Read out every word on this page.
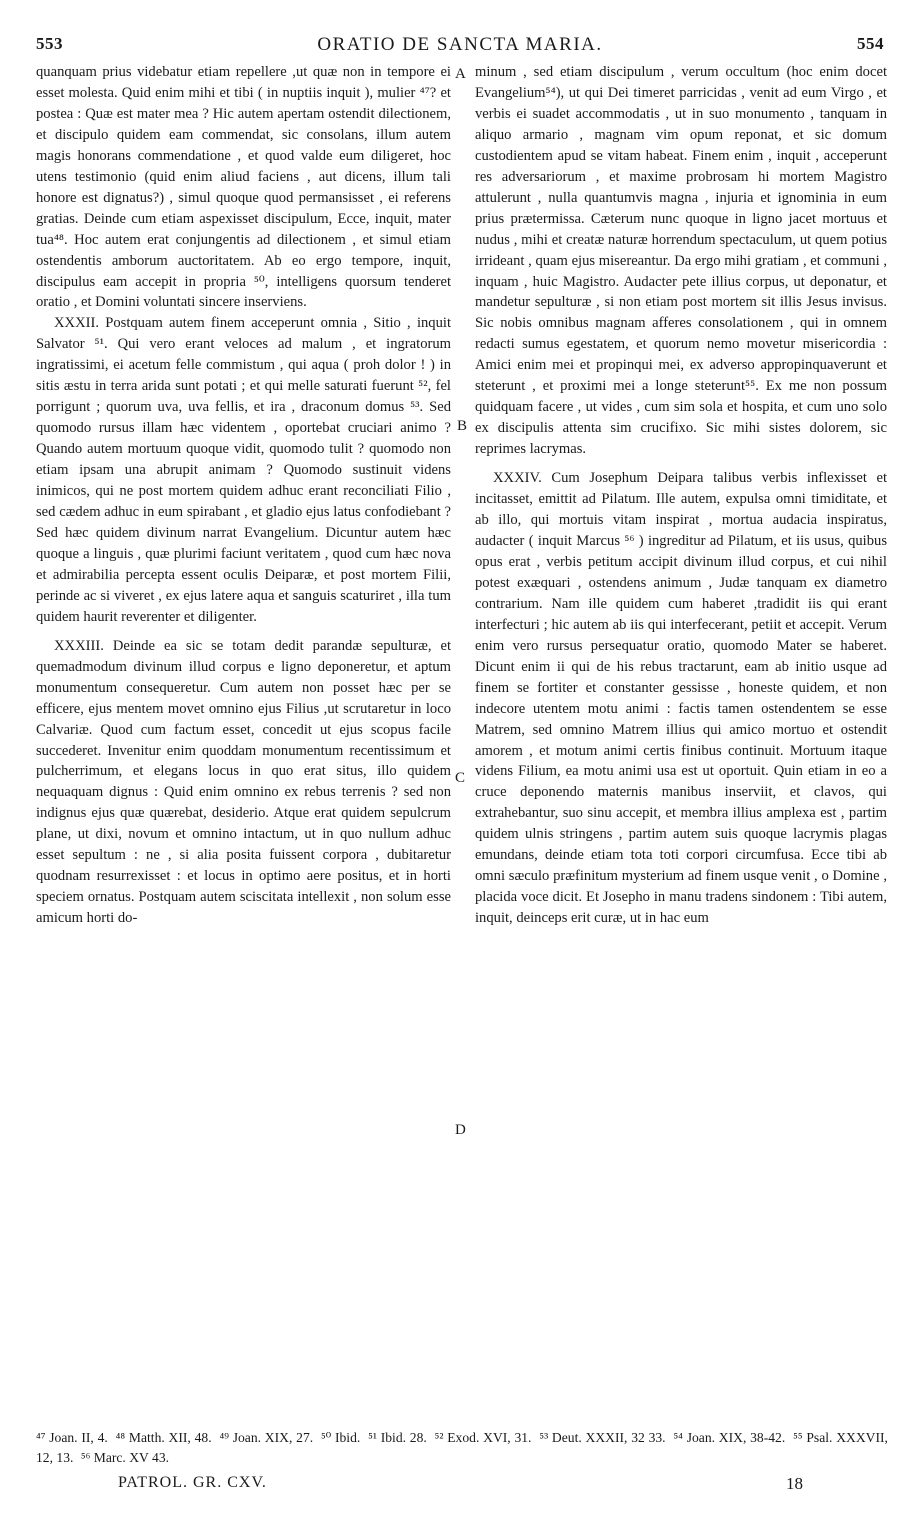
553	ORATIO DE SANCTA MARIA.	554

quanquam prius videbatur etiam repellere ,ut quæ non in tempore ei esset molesta. Quid enim mihi et tibi ( in nuptiis inquit ), mulier ⁴⁷? et postea : Quæ est mater mea ? Hic autem apertam ostendit dilectionem, et discipulo quidem eam commendat, sic consolans, illum autem magis honorans commendatione , et quod valde eum diligeret, hoc utens testimonio (quid enim aliud faciens , aut dicens, illum tali honore est dignatus?) , simul quoque quod permansisset , ei referens gratias. Deinde cum etiam aspexisset discipulum, Ecce, inquit, mater tua⁴⁸. Hoc autem erat conjungentis ad dilectionem , et simul etiam ostendentis amborum auctoritatem. Ab eo ergo tempore, inquit, discipulus eam accepit in propria ⁵⁰, intelligens quorsum tenderet oratio , et Domini voluntati sincere inserviens.

XXXII. Postquam autem finem acceperunt omnia , Sitio , inquit Salvator ⁵¹. Qui vero erant veloces ad malum , et ingratorum ingratissimi, ei acetum felle commistum , qui aqua ( proh dolor ! ) in sitis æstu in terra arida sunt potati ; et qui melle saturati fuerunt ⁵², fel porrigunt ; quorum uva, uva fellis, et ira , draconum domus ⁵³. Sed quomodo rursus illam hæc videntem , oportebat cruciari animo ? Quando autem mortuum quoque vidit, quomodo tulit ? quomodo non etiam ipsam una abrupit animam ? Quomodo sustinuit videns inimicos, qui ne post mortem quidem adhuc erant reconciliati Filio , sed cædem adhuc in eum spirabant , et gladio ejus latus confodiebant ? Sed hæc quidem divinum narrat Evangelium. Dicuntur autem hæc quoque a linguis , quæ plurimi faciunt veritatem , quod cum hæc nova et admirabilia percepta essent oculis Deiparæ, et post mortem Filii, perinde ac si viveret , ex ejus latere aqua et sanguis scaturiret , illa tum quidem haurit reverenter et diligenter.

XXXIII. Deinde ea sic se totam dedit parandæ sepulturæ, et quemadmodum divinum illud corpus e ligno deponeretur, et aptum monumentum consequeretur. Cum autem non posset hæc per se efficere, ejus mentem movet omnino ejus Filius ,ut scrutaretur in loco Calvariæ. Quod cum factum esset, concedit ut ejus scopus facile succederet. Invenitur enim quoddam monumentum recentissimum et pulcherrimum, et elegans locus in quo erat situs, illo quidem nequaquam dignus : Quid enim omnino ex rebus terrenis ? sed non indignus ejus quæ quærebat, desiderio. Atque erat quidem sepulcrum plane, ut dixi, novum et omnino intactum, ut in quo nullum adhuc esset sepultum : ne , si alia posita fuissent corpora , dubitaretur quodnam resurrexisset : et locus in optimo aere positus, et in horti speciem ornatus. Postquam autem sciscitata intellexit , non solum esse amicum horti do-

minum , sed etiam discipulum , verum occultum (hoc enim docet Evangelium⁵⁴), ut qui Dei timeret parricidas , venit ad eum Virgo , et verbis ei suadet accommodatis , ut in suo monumento , tanquam in aliquo armario , magnam vim opum reponat, et sic domum custodientem apud se vitam habeat. Finem enim , inquit , acceperunt res adversariorum , et maxime probrosam hi mortem Magistro attulerunt , nulla quantumvis magna , injuria et ignominia in eum prius prætermissa. Cæterum nunc quoque in ligno jacet mortuus et nudus , mihi et creatæ naturæ horrendum spectaculum, ut quem potius irrideant , quam ejus misereantur. Da ergo mihi gratiam , et communi , inquam , huic Magistro. Audacter pete illius corpus, ut deponatur, et mandetur sepulturæ , si non etiam post mortem sit illis Jesus invisus. Sic nobis omnibus magnam afferes consolationem , qui in omnem redacti sumus egestatem, et quorum nemo movetur misericordia : Amici enim mei et propinqui mei, ex adverso appropinquaverunt et steterunt , et proximi mei a longe steterunt⁵⁵. Ex me non possum quidquam facere , ut vides , cum sim sola et hospita, et cum uno solo ex discipulis attenta sim crucifixo. Sic mihi sistes dolorem, sic reprimes lacrymas.

XXXIV. Cum Josephum Deipara talibus verbis inflexisset et incitasset, emittit ad Pilatum. Ille autem, expulsa omni timiditate, et ab illo, qui mortuis vitam inspirat , mortua audacia inspiratus, audacter ( inquit Marcus ⁵⁶ ) ingreditur ad Pilatum, et iis usus, quibus opus erat , verbis petitum accipit divinum illud corpus, et cui nihil potest exæquari , ostendens animum , Judæ tanquam ex diametro contrarium. Nam ille quidem cum haberet ,tradidit iis qui erant interfecturi ; hic autem ab iis qui interfecerant, petiit et accepit. Verum enim vero rursus persequatur oratio, quomodo Mater se haberet. Dicunt enim ii qui de his rebus tractarunt, eam ab initio usque ad finem se fortiter et constanter gessisse , honeste quidem, et non indecore utentem motu animi : factis tamen ostendentem se esse Matrem, sed omnino Matrem illius qui amico mortuo et ostendit amorem , et motum animi certis finibus continuit. Mortuum itaque videns Filium, ea motu animi usa est ut oportuit. Quin etiam in eo a cruce deponendo maternis manibus inserviit, et clavos, qui extrahebantur, suo sinu accepit, et membra illius amplexa est , partim quidem ulnis stringens , partim autem suis quoque lacrymis plagas emundans, deinde etiam tota toti corpori circumfusa. Ecce tibi ab omni sæculo præfinitum mysterium ad finem usque venit , o Domine , placida voce dicit. Et Josepho in manu tradens sindonem : Tibi autem, inquit, deinceps erit curæ, ut in hac eum

A
B
C
D
⁴⁷ Joan. II, 4. ⁴⁸ Matth. XII, 48. ⁴⁹ Joan. XIX, 27. ⁵⁰ Ibid. ⁵¹ Ibid. 28. ⁵² Exod. XVI, 31. ⁵³ Deut. XXXII, 32 33. ⁵⁴ Joan. XIX, 38-42. ⁵⁵ Psal. XXXVII, 12, 13. ⁵⁶ Marc. XV 43.
PATROL. GR. CXV.	18
